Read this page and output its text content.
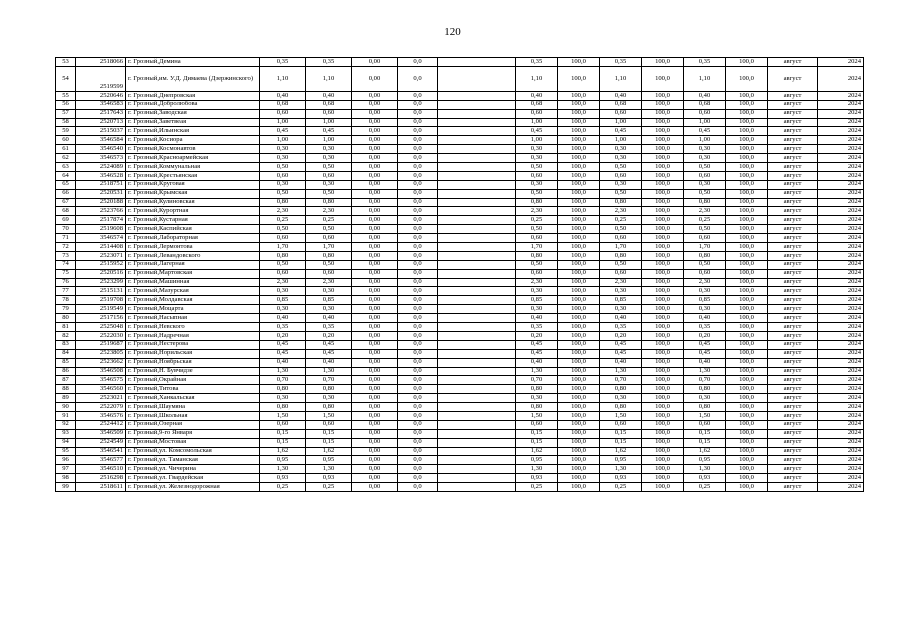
120
53	2518066	г. Грозный,Демина	0,35	0,35	0,00	0,0		0,35	100,0	0,35	100,0	0,35	100,0	август	2024
54	2519599	г. Грозный,им. У.Д. Димаева (Дзержинского)	1,10	1,10	0,00	0,0		1,10	100,0	1,10	100,0	1,10	100,0	август	2024
55	2520646	г. Грозный,Днепровская	0,40	0,40	0,00	0,0		0,40	100,0	0,40	100,0	0,40	100,0	август	2024
56	3546583	г. Грозный,Добролюбова	0,68	0,68	0,00	0,0		0,68	100,0	0,68	100,0	0,68	100,0	август	2024
57	2517643	г. Грозный,Заводская	0,60	0,60	0,00	0,0		0,60	100,0	0,60	100,0	0,60	100,0	август	2024
58	2520713	г. Грозный,Заветвеая	1,00	1,00	0,00	0,0		1,00	100,0	1,00	100,0	1,00	100,0	август	2024
59	2515037	г. Грозный,Ильинская	0,45	0,45	0,00	0,0		0,45	100,0	0,45	100,0	0,45	100,0	август	2024
60	3546584	г. Грозный,Косиора	1,00	1,00	0,00	0,0		1,00	100,0	1,00	100,0	1,00	100,0	август	2024
61	3546540	г. Грозный,Космонавтов	0,30	0,30	0,00	0,0		0,30	100,0	0,30	100,0	0,30	100,0	август	2024
62	3546573	г. Грозный,Красноармейская	0,30	0,30	0,00	0,0		0,30	100,0	0,30	100,0	0,30	100,0	август	2024
63	2524089	г. Грозный,Коммунальная	0,50	0,50	0,00	0,0		0,50	100,0	0,50	100,0	0,50	100,0	август	2024
64	3546528	г. Грозный,Крестьянская	0,60	0,60	0,00	0,0		0,60	100,0	0,60	100,0	0,60	100,0	август	2024
65	2518751	г. Грозный,Круговая	0,30	0,30	0,00	0,0		0,30	100,0	0,30	100,0	0,30	100,0	август	2024
66	2520531	г. Грозный,Крымская	0,50	0,50	0,00	0,0		0,50	100,0	0,50	100,0	0,50	100,0	август	2024
67	2520188	г. Грозный,Кулиновская	0,80	0,80	0,00	0,0		0,80	100,0	0,80	100,0	0,80	100,0	август	2024
68	2523766	г. Грозный,Курортная	2,30	2,30	0,00	0,0		2,30	100,0	2,30	100,0	2,30	100,0	август	2024
69	2517874	г. Грозный,Кустарная	0,25	0,25	0,00	0,0		0,25	100,0	0,25	100,0	0,25	100,0	август	2024
70	2519608	г. Грозный,Каспийская	0,50	0,50	0,00	0,0		0,50	100,0	0,50	100,0	0,50	100,0	август	2024
71	3546574	г. Грозный,Лабораторная	0,60	0,60	0,00	0,0		0,60	100,0	0,60	100,0	0,60	100,0	август	2024
72	2514408	г. Грозный,Лермонтова	1,70	1,70	0,00	0,0		1,70	100,0	1,70	100,0	1,70	100,0	август	2024
73	2523071	г. Грозный,Левандовского	0,80	0,80	0,00	0,0		0,80	100,0	0,80	100,0	0,80	100,0	август	2024
74	2515952	г. Грозный,Лагерная	0,50	0,50	0,00	0,0		0,50	100,0	0,50	100,0	0,50	100,0	август	2024
75	2520516	г. Грозный,Мартовская	0,60	0,60	0,00	0,0		0,60	100,0	0,60	100,0	0,60	100,0	август	2024
76	2523299	г. Грозный,Машинная	2,30	2,30	0,00	0,0		2,30	100,0	2,30	100,0	2,30	100,0	август	2024
77	2515131	г. Грозный,Мазурская	0,30	0,30	0,00	0,0		0,30	100,0	0,30	100,0	0,30	100,0	август	2024
78	2519708	г. Грозный,Молдавская	0,85	0,85	0,00	0,0		0,85	100,0	0,85	100,0	0,85	100,0	август	2024
79	2519549	г. Грозный,Моцарта	0,30	0,30	0,00	0,0		0,30	100,0	0,30	100,0	0,30	100,0	август	2024
80	2517156	г. Грозный,Насыпная	0,40	0,40	0,00	0,0		0,40	100,0	0,40	100,0	0,40	100,0	август	2024
81	2525048	г. Грозный,Невского	0,35	0,35	0,00	0,0		0,35	100,0	0,35	100,0	0,35	100,0	август	2024
82	2522030	г. Грозный,Надречная	0,20	0,20	0,00	0,0		0,20	100,0	0,20	100,0	0,20	100,0	август	2024
83	2519687	г. Грозный,Нестерова	0,45	0,45	0,00	0,0		0,45	100,0	0,45	100,0	0,45	100,0	август	2024
84	2523805	г. Грозный,Норильская	0,45	0,45	0,00	0,0		0,45	100,0	0,45	100,0	0,45	100,0	август	2024
85	2523662	г. Грозный,Ноябрьская	0,40	0,40	0,00	0,0		0,40	100,0	0,40	100,0	0,40	100,0	август	2024
86	3546508	г. Грозный,Н. Бувчидзе	1,30	1,30	0,00	0,0		1,30	100,0	1,30	100,0	1,30	100,0	август	2024
87	3546575	г. Грозный,Окрайная	0,70	0,70	0,00	0,0		0,70	100,0	0,70	100,0	0,70	100,0	август	2024
88	3546560	г. Грозный,Титова	0,80	0,80	0,00	0,0		0,80	100,0	0,80	100,0	0,80	100,0	август	2024
89	2523021	г. Грозный,Ханкальская	0,30	0,30	0,00	0,0		0,30	100,0	0,30	100,0	0,30	100,0	август	2024
90	2522079	г. Грозный,Шаумяна	0,80	0,80	0,00	0,0		0,80	100,0	0,80	100,0	0,80	100,0	август	2024
91	3546576	г. Грозный,Школьная	1,50	1,50	0,00	0,0		1,50	100,0	1,50	100,0	1,50	100,0	август	2024
92	2524412	г. Грозный,Озерная	0,60	0,60	0,00	0,0		0,60	100,0	0,60	100,0	0,60	100,0	август	2024
93	3546509	г. Грозный,9-го Января	0,15	0,15	0,00	0,0		0,15	100,0	0,15	100,0	0,15	100,0	август	2024
94	2524549	г. Грозный,Мостовая	0,15	0,15	0,00	0,0		0,15	100,0	0,15	100,0	0,15	100,0	август	2024
95	3546541	г. Грозный,ул. Комсомольская	1,62	1,62	0,00	0,0		1,62	100,0	1,62	100,0	1,62	100,0	август	2024
96	3546577	г. Грозный,ул. Таманская	0,95	0,95	0,00	0,0		0,95	100,0	0,95	100,0	0,95	100,0	август	2024
97	3546510	г. Грозный,ул. Чичерина	1,30	1,30	0,00	0,0		1,30	100,0	1,30	100,0	1,30	100,0	август	2024
98	2516298	г. Грозный,ул. Гвардейская	0,93	0,93	0,00	0,0		0,93	100,0	0,93	100,0	0,93	100,0	август	2024
99	2518611	г. Грозный,ул. Железнодорожная	0,25	0,25	0,00	0,0		0,25	100,0	0,25	100,0	0,25	100,0	август	2024
